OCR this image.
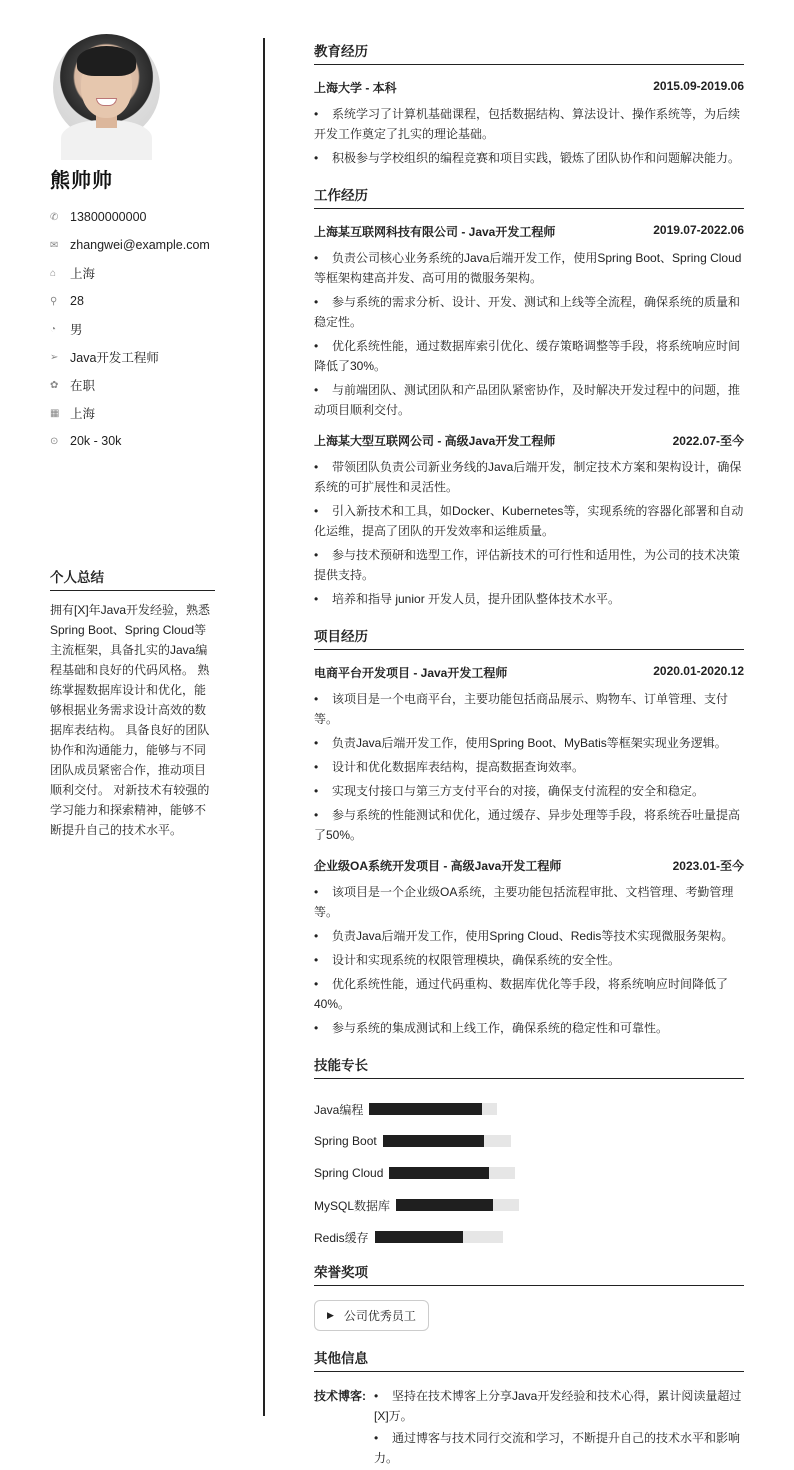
熊帅帅
✆ 13800000000
✉ zhangwei@example.com
⌂	上海
⚲	28
◔	男
➢ Java开发工程师
✿ 在职
▦ 上海
⊙ 20k - 30k
个人总结
拥有[X]年Java开发经验，熟悉Spring Boot、Spring Cloud等主流框架，具备扎实的Java编程基础和良好的代码风格。 熟练掌握数据库设计和优化，能够根据业务需求设计高效的数据库表结构。 具备良好的团队协作和沟通能力，能够与不同团队成员紧密合作，推动项目顺利交付。 对新技术有较强的学习能力和探索精神，能够不断提升自己的技术水平。
教育经历
上海大学 - 本科	2015.09-2019.06
• 系统学习了计算机基础课程，包括数据结构、算法设计、操作系统等，为后续开发工作奠定了扎实的理论基础。
• 积极参与学校组织的编程竞赛和项目实践，锻炼了团队协作和问题解决能力。
工作经历
上海某互联网科技有限公司 - Java开发工程师	2019.07-2022.06
• 负责公司核心业务系统的Java后端开发工作，使用Spring Boot、Spring Cloud等框架构建高并发、高可用的微服务架构。
• 参与系统的需求分析、设计、开发、测试和上线等全流程，确保系统的质量和稳定性。
• 优化系统性能，通过数据库索引优化、缓存策略调整等手段，将系统响应时间降低了30%。
• 与前端团队、测试团队和产品团队紧密协作，及时解决开发过程中的问题，推动项目顺利交付。
上海某大型互联网公司 - 高级Java开发工程师	2022.07-至今
• 带领团队负责公司新业务线的Java后端开发，制定技术方案和架构设计，确保系统的可扩展性和灵活性。
• 引入新技术和工具，如Docker、Kubernetes等，实现系统的容器化部署和自动化运维，提高了团队的开发效率和运维质量。
• 参与技术预研和选型工作，评估新技术的可行性和适用性，为公司的技术决策提供支持。
• 培养和指导 junior 开发人员，提升团队整体技术水平。
项目经历
电商平台开发项目 - Java开发工程师	2020.01-2020.12
• 该项目是一个电商平台，主要功能包括商品展示、购物车、订单管理、支付等。
• 负责Java后端开发工作，使用Spring Boot、MyBatis等框架实现业务逻辑。
• 设计和优化数据库表结构，提高数据查询效率。
• 实现支付接口与第三方支付平台的对接，确保支付流程的安全和稳定。
• 参与系统的性能测试和优化，通过缓存、异步处理等手段，将系统吞吐量提高了50%。
企业级OA系统开发项目 - 高级Java开发工程师	2023.01-至今
• 该项目是一个企业级OA系统，主要功能包括流程审批、文档管理、考勤管理等。
• 负责Java后端开发工作，使用Spring Cloud、Redis等技术实现微服务架构。
• 设计和实现系统的权限管理模块，确保系统的安全性。
• 优化系统性能，通过代码重构、数据库优化等手段，将系统响应时间降低了40%。
• 参与系统的集成测试和上线工作，确保系统的稳定性和可靠性。
技能专长
Java编程
Spring Boot
Spring Cloud
MySQL数据库
Redis缓存
荣誉奖项
▶ 公司优秀员工
其他信息
技术博客:
•	坚持在技术博客上分享Java开发经验和技术心得，累计阅读量超过[X]万。
• 通过博客与技术同行交流和学习，不断提升自己的技术水平和影响力。
